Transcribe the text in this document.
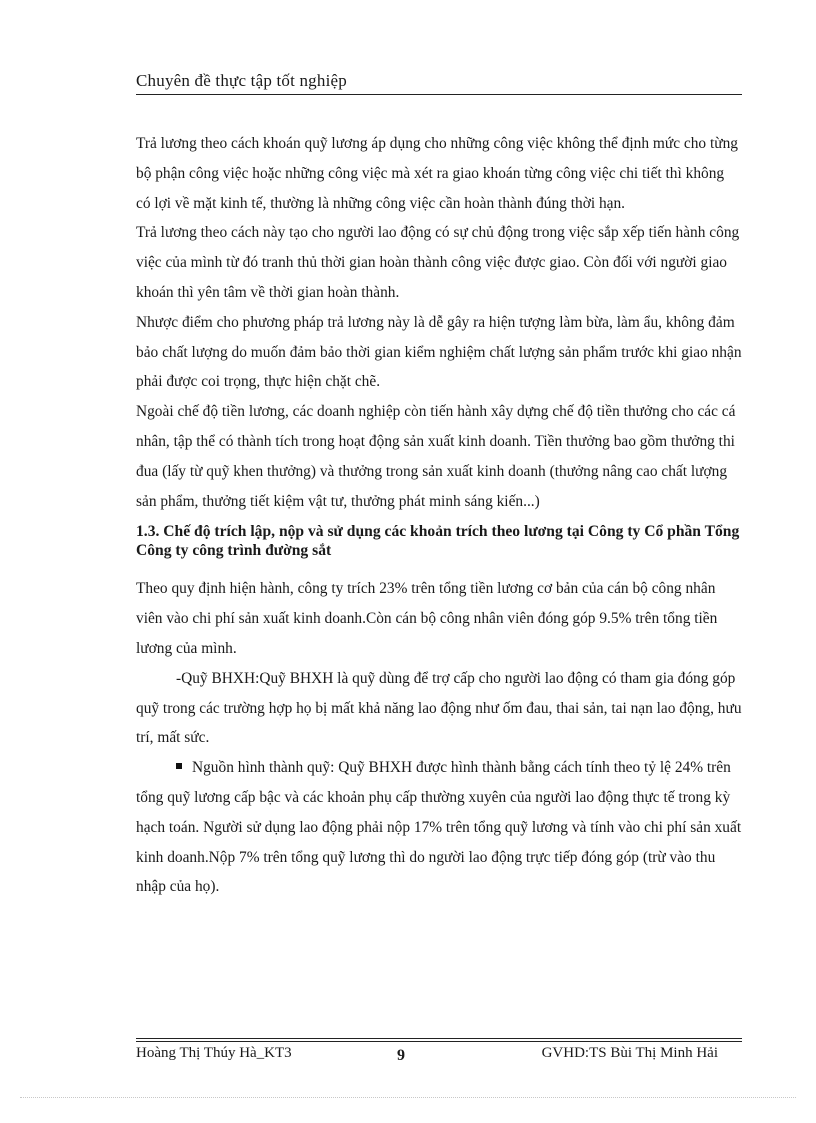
Chuyên đề thực tập tốt nghiệp

Trả lương theo cách khoán quỹ lương áp dụng cho những công việc không thể định mức cho từng bộ phận công việc hoặc những công việc mà xét ra giao khoán từng công việc chi tiết thì không có lợi về mặt kinh tế, thường là những công việc cần hoàn thành đúng thời hạn.

Trả lương theo cách này tạo cho người lao động có sự chủ động trong việc sắp xếp tiến hành công việc của mình từ đó tranh thủ thời gian hoàn thành công việc được giao. Còn đối với người giao khoán thì yên tâm về thời gian hoàn thành.

Nhược điểm cho phương pháp trả lương này là dễ gây ra hiện tượng làm bừa, làm ẩu, không đảm bảo chất lượng do muốn đảm bảo thời gian kiểm nghiệm chất lượng sản phẩm trước khi giao nhận phải được coi trọng, thực hiện chặt chẽ.

Ngoài chế độ tiền lương, các doanh nghiệp còn tiến hành xây dựng chế độ tiền thưởng cho các cá nhân, tập thể có thành tích trong hoạt động sản xuất kinh doanh. Tiền thưởng bao gồm thưởng thi đua (lấy từ quỹ khen thưởng) và thưởng trong sản xuất kinh doanh (thưởng nâng cao chất lượng sản phẩm, thưởng tiết kiệm vật tư, thưởng phát minh sáng kiến...)

1.3. Chế độ trích lập, nộp và sử dụng các khoản trích theo lương tại Công ty Cổ phần Tổng Công ty công trình đường sắt

Theo quy định hiện hành, công ty trích 23% trên tổng tiền lương cơ bản của cán bộ công nhân viên vào chi phí sản xuất kinh doanh.Còn cán bộ công nhân viên đóng góp 9.5% trên tổng tiền lương của mình.

-Quỹ BHXH:Quỹ BHXH là quỹ dùng để trợ cấp cho người lao động có tham gia đóng góp quỹ trong các trường hợp họ bị mất khả năng lao động như ốm đau, thai sản, tai nạn lao động, hưu trí, mất sức.

Nguồn hình thành quỹ: Quỹ BHXH được hình thành bằng cách tính theo tỷ lệ 24% trên tổng quỹ lương cấp bậc và các khoản phụ cấp thường xuyên của người lao động thực tế trong kỳ hạch toán. Người sử dụng lao động phải nộp 17% trên tổng quỹ lương và tính vào chi phí sản xuất kinh doanh.Nộp 7% trên tổng quỹ lương thì do người lao động trực tiếp đóng góp (trừ vào thu nhập của họ).

Hoàng Thị Thúy Hà_KT3	9	GVHD:TS Bùi Thị Minh Hải
